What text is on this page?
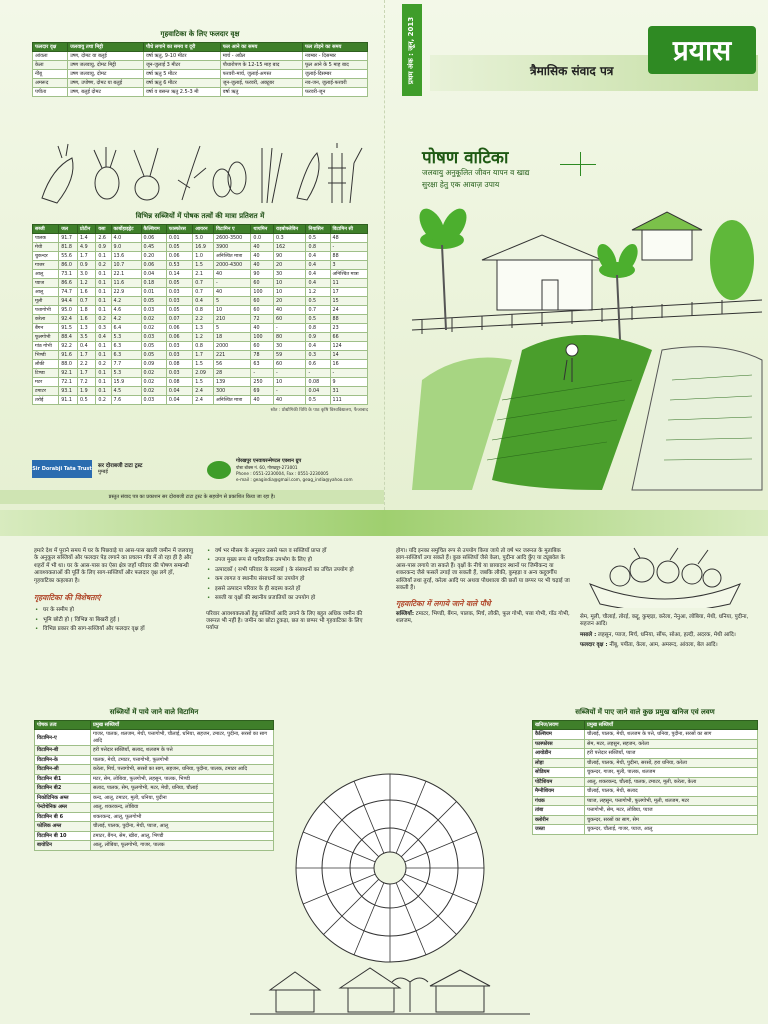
गृहवाटिका के लिए फलदार वृक्ष
फलदार वृक्ष	जलवायु तथा मिट्टी	पौधे लगाने का समय व दूरी	फल आने का समय	फल तोड़ने का समय
आंवला	उष्ण, दोमट या बलुई	वर्षा ऋतु, 9-10 मीटर	मार्च - अप्रैल	नवम्बर - दिसम्बर
केला	उष्ण जलवायु, दोमट मिट्टी	जून-जुलाई 3 मीटर	पौधारोपण के 12-15 माह बाद	फूल आने के 5 माह बाद
नींबू	उष्ण जलवायु, दोमट	वर्षा ऋतु 5 मीटर	फरवरी-मार्च, जुलाई-अगस्त	जुलाई-दिसम्बर
अमरूद	उष्ण, उपोष्ण, दोमट या बलुई	वर्षा ऋतु 6 मीटर	जून-जुलाई, फरवरी, अक्टूबर	नव-जन, जुलाई-फरवरी
पपीता	उष्ण, बलुई दोमट	वर्षा व बसन्त ऋतु 2.5-3 मी	वर्षा ऋतु	फरवरी-जून
विभिन्न सब्जियों में पोषक तत्वों की मात्रा प्रतिशत में
सब्जी	जल	प्रोटीन	वसा	कार्बोहाइड्रेट	कैल्शियम	फास्फोरस	आयरन	विटामिन ए	थायमिन	राइबोफ्लेविन	नियासिन	विटामिन सी
पालक	91.7	1.4	2.6	4.0	0.06	0.01	5.0	2600-3500	0.0	0.3	0.5	48
मेथी	81.8	4.9	0.9	9.0	0.45	0.05	16.9	3900	40	162	0.8	-
चुकन्दर	55.6	1.7	0.1	13.6	0.20	0.06	1.0	अनिश्चित मात्रा	40	90	0.4	88
गाजर	86.0	0.9	0.2	10.7	0.06	0.53	1.5	2000-4300	40	20	0.4	3
आलू	73.1	3.0	0.1	22.1	0.04	0.14	2.1	40	90	30	0.4	अनिश्चित मात्रा
प्याज	86.6	1.2	0.1	11.6	0.18	0.05	0.7	-	60	10	0.4	11
आलू	74.7	1.6	0.1	22.9	0.01	0.03	0.7	40	100	10	1.2	17
मूली	94.4	0.7	0.1	4.2	0.05	0.03	0.4	5	60	20	0.5	15
पत्तागोभी	95.0	1.8	0.1	4.6	0.03	0.05	0.8	10	60	40	0.7	24
करेला	92.4	1.6	0.2	4.2	0.02	0.07	2.2	210	72	60	0.5	88
बैंगन	91.5	1.3	0.3	6.4	0.02	0.06	1.3	5	40	-	0.8	23
फूलगोभी	88.4	3.5	0.4	5.3	0.03	0.06	1.2	18	100	80	0.9	66
गांठ गोभी	92.2	0.4	0.1	6.3	0.05	0.03	0.8	2000	60	30	0.4	124
भिण्डी	91.6	1.7	0.1	6.3	0.05	0.03	1.7	221	78	59	0.3	14
लौकी	88.0	2.2	0.2	7.7	0.09	0.08	1.5	56	63	60	0.6	16
टिण्डा	92.1	1.7	0.1	5.3	0.02	0.03	2.09	28	-	-	-	-
मटर	72.1	7.2	0.1	15.9	0.02	0.08	1.5	139	250	10	0.08	9
टमाटर	93.1	1.9	0.1	4.5	0.02	0.04	2.4	300	69	-	0.04	31
तरोई	91.1	0.5	0.2	7.6	0.03	0.04	2.4	अनिश्चित मात्रा	40	40	0.5	111
स्रोत : प्रोद्योगिकी विधि के पाठ कृषि विश्वविद्यालय, फैजाबाद
Sir Dorabji Tata Trust सर दोराबजी टाटा ट्रस्ट
मुम्बई
गोरखपुर एनवायरन्मेण्टल एक्शन ग्रुप
पोस्ट बॉक्स नं. 60, गोरखपुर-273001
Phone : 0551-2230004, Fax : 0551-2230005
e-mail : geagindia@gmail.com, geag_india@yahoo.com
प्रस्तुत संवाद पत्र का प्रकाशन सर दोराबजी टाटा ट्रस्ट के सहयोग से प्रकाशित किया जा रहा है।
प्रथम अंक : जून, 2013	त्रैमासिक संवाद पत्र
प्रयास
पोषण वाटिका
जलवायु अनुकूलित जीवन यापन व खाद्य
सुरक्षा हेतु एक आवाज़ उपाय

हमारे देश में पुराने समय में घर के पिछवाड़े या आस-पास खाली जमीन में जलवायु के अनुकूल सब्जियों और फलदार पेड़ लगाने का प्रचलन गाँव में तो रहा ही है और शहरों में भी था। घर के आस-पास का ऐसा क्षेत्र जहाँ परिवार की पोषण सम्बन्धी आवश्यकताओं की पूर्ति के लिए साग-सब्जियाँ और फलदार वृक्ष लगे हों, गृहवाटिका कहलाता है।

गृहवाटिका की विशेषताएं
• घर के समीप हो
• भूमि छोटी हो ( विभिन्न या बिखरी हुई )
• विभिन्न प्रकार की साग-सब्जियाँ और फलदार वृक्ष हों
• वर्ष भर मौसम के अनुसार उससे फल व सब्जियाँ प्राप्त हों
• उपज मुख्य रूप से पारिवारिक उपभोग के लिए हो
• उत्पादकों ( सभी परिवार के सदस्यों ) के संसाधनों का उचित उपयोग हो
• कम लागत व स्थानीय संसाधनों का उपयोग हो
• इससे उत्पादन परिवार के ही सदस्य करते हों
• सब्जी या वृक्षों की स्थानीय प्रजातियों का उपयोग हो

परिवार आवश्यकताओं हेतु सब्जियाँ आदि उगाने के लिए बहुत अधिक जमीन की जरूरत भी नहीं है। जमीन का छोटा टुकड़ा, छत या छप्पर भी गृहवाटिका के लिए पर्याप्त

होगा। यदि इनका समुचित रूप से उपयोग किया जाये तो वर्ष भर जरूरत के मुताबिक साग-सब्जियाँ उगा सकते हैं। कुछ सब्जियाँ जैसे केला, पुदीना आदि कुँए या ट्यूबवेल के आस-पास लगाये जा सकते हैं। वृक्षों के नीचे या छायादार स्थानों पर जिमीकन्द या शकरकन्द जैसे फसलें उगाई जा सकती हैं, जबकि लौकी, कुम्हड़ा व अन्य कद्दूवर्गीय सब्जियाँ तथा तुरई, करेला आदि पर अथवा पौधशाला की छतों या छप्पर पर भी चढ़ाई जा सकती हैं।

गृहवाटिका में लगाये जाने वाले पौधे

सब्जियाँ: टमाटर, भिण्डी, बैंगन, पालक, मिर्च, लौकी, फूल गोभी, पत्ता गोभी, गाँठ गोभी, शलजम,

सेम, मूली, चौलाई, तोरई, कद्दू, कुम्हड़ा, करेला, नेनुआ, लोबिया, मेथी, धनिया, पुदीना, सहजन आदि।

मसाले : लहसुन, प्याज, मिर्च, धनिया, सौंफ, सोआ, हल्दी, अदरक, मेथी आदि।

फलदार वृक्ष : नींबू, पपीता, केला, आम, अमरूद, आंवला, बेल आदि।

सब्जियों में पाये जाने वाले विटामिन
पोषक तत्व	प्रमुख सब्जियाँ
विटामिन-ए	गाजर, पालक, शलजम, मेथी, पत्तागोभी, चौलाई, धनिया, सहजन, टमाटर, पुदीना, सरसों का साग आदि
विटामिन-बी	हरी पत्तेदार सब्जियाँ, सलाद, शलजम के पत्ते
विटामिन-के	पालक, मेथी, टमाटर, पत्तागोभी, फूलगोभी
विटामिन-सी	करेला, मिर्च, पत्तागोभी, सरसों का साग, सहजन, धनिया, पुदीना, पालक, टमाटर आदि
विटामिन बी1	मटर, सेम, लोबिया, फूलगोभी, लहसुन, पालक, भिण्डी
विटामिन बी2	सलाद, पालक, सेम, फूलगोभी, मटर, मेथी, धनिया, चौलाई
निकोटिनिक अम्ल	कन्द, आलू, टमाटर, मूली, धनिया, पुदीना
पेन्टोथेनिक अम्ल	आलू, शकरकन्द, लोबिया
विटामिन बी 6	शकरकन्द, आलू, फूलगोभी
फोलिक अम्ल	चौलाई, पालक, पुदीना, मेथी, प्याज, आलू
विटामिन बी 10	टमाटर, बैंगन, सेम, खीरा, आलू, भिण्डी
बायोटिन	आलू, लोबिया, फूलगोभी, गाजर, पालक
सब्जियों में पाए जाने वाले कुछ प्रमुख खनिज एवं लवण
खनिज/लवण	प्रमुख सब्जियाँ
कैल्शियम	चौलाई, पालक, मेथी, शलजम के पत्ते, धनिया, पुदीना, सरसों का साग
फास्फोरस	सेम, मटर, लहसुन, सहजन, करेला
आयोडीन	हरी पत्तेदार सब्जियाँ, प्याज
लोहा	चौलाई, पालक, मेथी, पुदीना, सरसों, हरा धनिया, करेला
सोडियम	चुकन्दर, गाजर, मूली, पालक, शलजम
पोटैशियम	आलू, शकरकन्द, चौलाई, पालक, टमाटर, मूली, करेला, केला
मैग्नीशियम	चौलाई, पालक, मेथी, सलाद
गंधक	प्याज, लहसुन, पत्तागोभी, फूलगोभी, मूली, शलजम, मटर
तांबा	पत्तागोभी, सेम, मटर, लोबिया, प्याज
क्लोरीन	चुकन्दर, सरसों का साग, सेम
जस्ता	चुकन्दर, चौलाई, गाजर, प्याज, आलू
